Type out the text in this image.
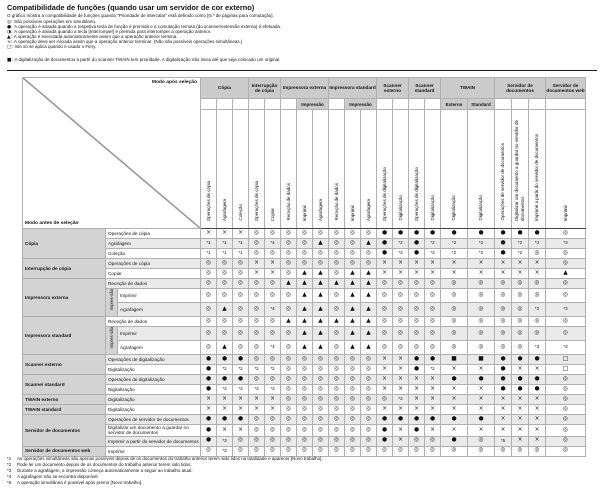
Compatibilidade de funções (quando usar um servidor de cor externo)
O gráfico mostra a compatibilidade de funções quando “Prioridade de intercalar” está definido como [N.º de páginas para comutação].
◎ : São possíveis operações em simultâneo.
● : A operação é ativada quando a respetiva tecla de função é premida e a comutação remota (do scanner/extensão externa) é efetuada.
◑ : A operação é ativada quando a tecla [Interromper] é premida para interromper a operação anterior.
▲ : A operação é executada automaticamente assim que a operação anterior termina.
× : A operação deve ser iniciada assim que a operação anterior terminar. (Não são possíveis operações simultâneas.)
□ : Isto só se aplica quando é usado o Fiery.
■ : A digitalização de documentos a partir do scanner TWAIN tem prioridade. A digitalização não inicia até que seja colocado um original.
Modo após seleção
Modo antes de seleção			Cópia			Interrupção de cópia		Impressora externa			Impressora standard			Scanner externo		Scanner standard		TWAIN		Servidor de documentos			Servidor de documentos web
									Impressão			Impressão						Externo	Standard				
			Operações de cópia	Agrafagem	Coleção	Operações de cópia	Copiar	Receção de dados	Imprimir	Agrafagem	Receção de dados	Imprimir	Agrafagem	Operações de digitalização	Digitalização	Operações de digitalização	Digitalização	Digitalização	Digitalização	Operações de servidor de documentos	Digitalizar um documento a guardar no servidor de documentos	Imprimir a partir do servidor de documentos	Imprimir
Cópia	Operações de cópia		×	×	×	◎	◎	◎	◎	◎	◎	◎	◎	●	●	●	●	●	●	●	●	●	◎
	Agrafagem		*1	*1	*1	◎	*4	◎	◎	▲	◎	◎	▲	●	*2	●	*2	*2	*2	●	*2	*3	*3
	Coleção		*1	*1	*1	◎	◎	◎	◎	◎	◎	◎	◎	●	*2	●	*2	*2	*2	●	*2	◎	◎
Interrupção de cópia	Operações de cópia		◎	◎	◎	×	×	◎	◎	◎	◎	◎	◎	×	×	×	×	×	×	×	×	×	◎
	Copiar		◎	◎	◎	×	×	◎	▲	▲	◎	▲	▲	×	×	×	×	×	×	×	×	×	▲
Impressora externa	Receção de dados		◎	◎	◎	◎	◎	▲	▲	▲	▲	▲	▲	◎	◎	◎	◎	◎	◎	◎	◎	◎	◎
	Impres-são	Imprimir	◎	◎	◎	◎	◎	◎	▲	▲	◎	▲	▲	◎	◎	◎	◎	◎	◎	◎	◎	◎	◎
		Agrafagem	◎	▲	◎	◎	*4	◎	▲	▲	◎	▲	▲	◎	◎	◎	◎	◎	◎	◎	◎	*3	*3
Impressora standard	Receção de dados		◎	◎	◎	◎	◎	▲	▲	▲	▲	▲	▲	◎	◎	◎	◎	◎	◎	◎	◎	◎	◎
	Impres-são	Imprimir	◎	◎	◎	◎	◎	◎	▲	▲	◎	▲	▲	◎	◎	◎	◎	◎	◎	◎	◎	◎	◎
		Agrafagem	◎	▲	◎	◎	*4	◎	▲	▲	◎	▲	▲	◎	◎	◎	◎	◎	◎	◎	◎	*3	*3
Scanner externo	Operações de digitalização		●	●	●	◎	◎	◎	◎	◎	◎	◎	◎	×	×	●	●	■	■	●	●	●	□
	Digitalização		●	*2	*2	*2	*2	◎	◎	◎	◎	◎	◎	×	×	●	*2	×	×	●	×	×	□
Scanner standard	Operações de digitalização		●	●	●	◎	◎	◎	◎	◎	◎	◎	◎	×	×	×	×	●	●	●	●	●	◎
	Digitalização		●	*2	*2	*2	*2	◎	◎	◎	◎	◎	◎	×	×	×	×	×	×	●	●	●	◎
TWAIN externo	Digitalização		×	×	×	×	×	◎	◎	◎	◎	◎	◎	◎	*2	×	×	×	×	×	×	×	◎
TWAIN standard	Digitalização		×	×	×	×	×	◎	◎	◎	◎	◎	◎	×	×	×	×	×	×	×	×	×	◎
Servidor de documentos	Operações de servidor de documentos		●	●	●	◎	◎	◎	◎	◎	◎	◎	◎	●	●	●	●	●	●	×	×	×	◎
	Digitalizar um documento a guardar no servidor de documentos		●	×	×	◎	◎	◎	◎	◎	◎	◎	◎	●	×	●	×	×	×	×	×	×	◎
	Imprimir a partir do servidor de documentos		●	*3	◎	◎	◎	◎	◎	◎	◎	◎	◎	●	×	◎	◎	●	◎	*5	×	×	◎
Servidor de documentos web	Imprimir		◎	*3	◎	◎	◎	◎	◎	◎	◎	◎	◎	◎	◎	◎	◎	◎	◎	◎	◎	◎	◎
*1 As operações simultâneas são apenas possíveis depois de os documentos do trabalho anterior terem sido lidos na totalidade e aparecer [Novo trabalho].
*2 Pode ler um documento depois de os documentos do trabalho anterior terem sido lidos.
*3 Durante a agrafagem, a impressão começa automaticamente a seguir ao trabalho atual.
*4 A agrafagem não se encontra disponível.
*5 A operação simultânea é possível após premir [Novo trabalho].
